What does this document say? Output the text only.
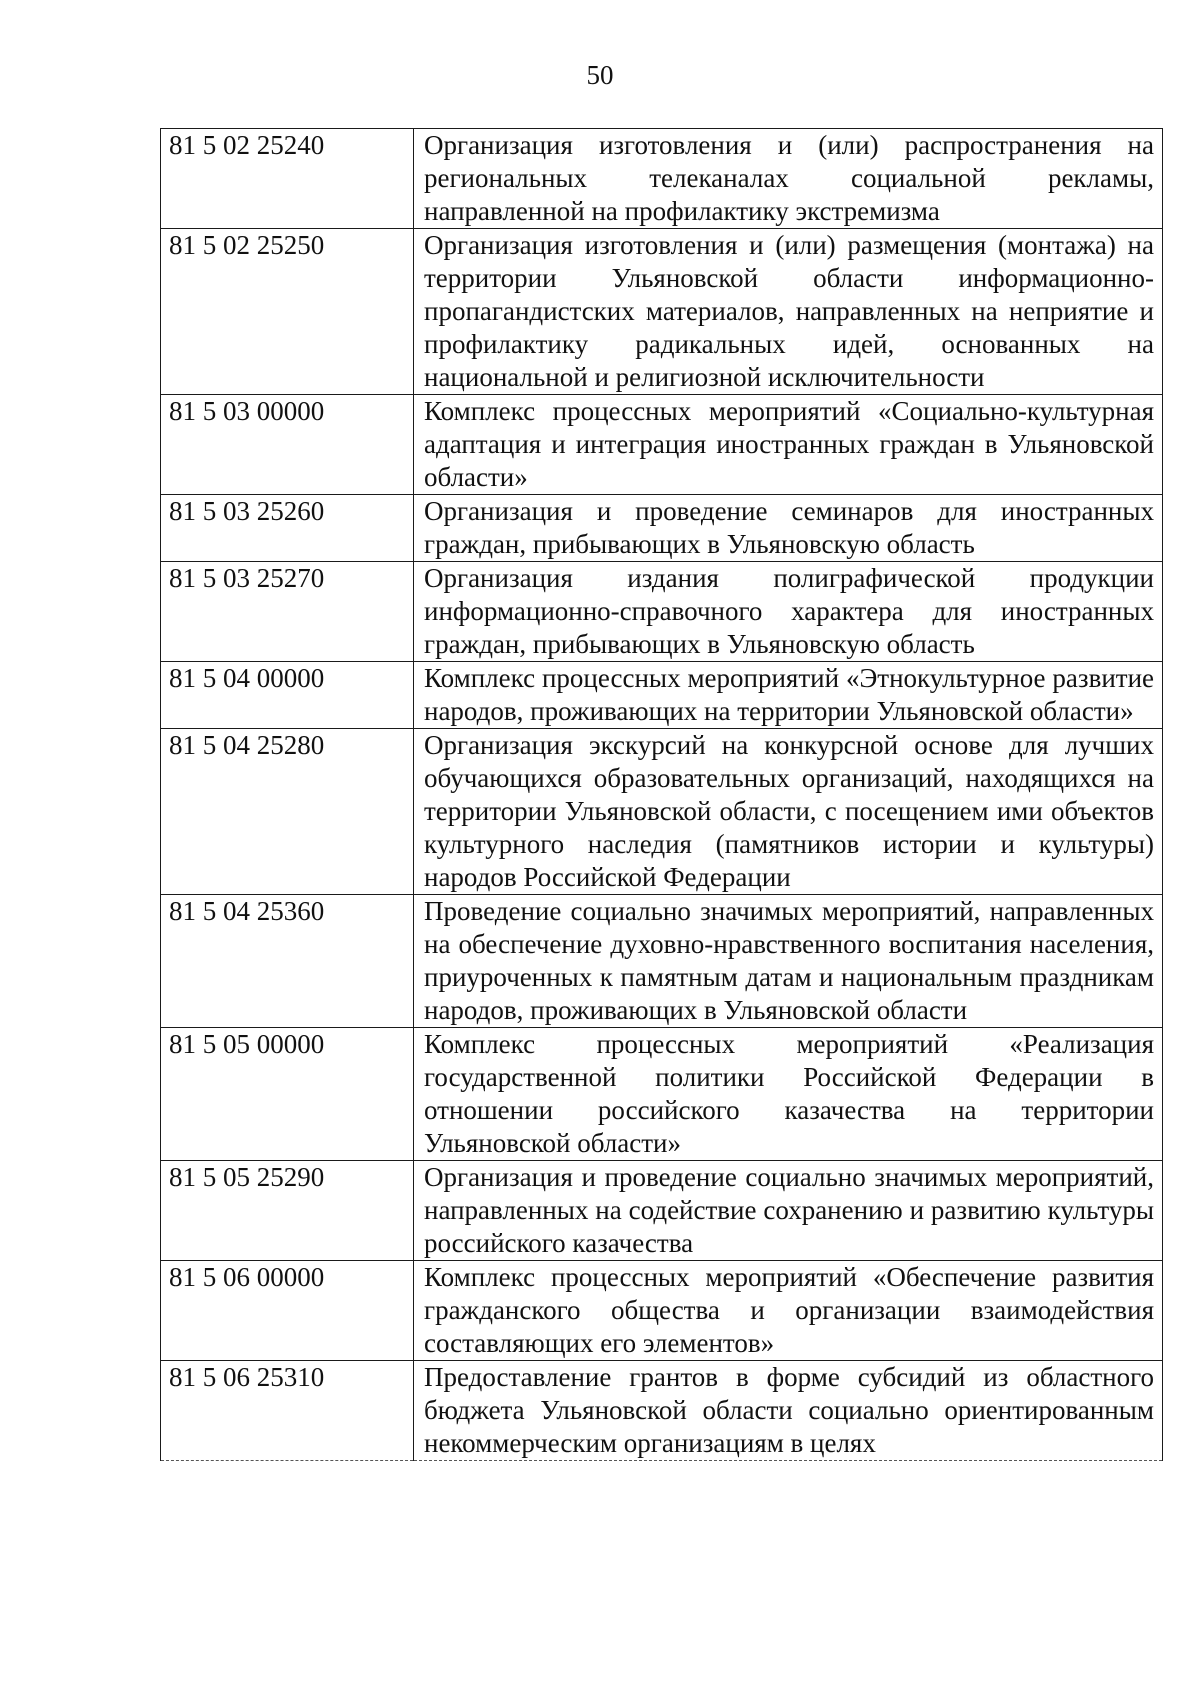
50
81 5 02 25240	Организация изготовления и (или) распространения на региональных телеканалах социальной рекламы, направленной на профилактику экстремизма
81 5 02 25250	Организация изготовления и (или) размещения (монтажа) на территории Ульяновской области информационно-пропагандистских материалов, направленных на неприятие и профилактику радикальных идей, основанных на национальной и религиозной исключительности
81 5 03 00000	Комплекс процессных мероприятий «Социально-культурная адаптация и интеграция иностранных граждан в Ульяновской области»
81 5 03 25260	Организация и проведение семинаров для иностранных граждан, прибывающих в Ульяновскую область
81 5 03 25270	Организация издания полиграфической продукции информационно-справочного характера для иностранных граждан, прибывающих в Ульяновскую область
81 5 04 00000	Комплекс процессных мероприятий «Этнокультурное развитие народов, проживающих на территории Ульяновской области»
81 5 04 25280	Организация экскурсий на конкурсной основе для лучших обучающихся образовательных организаций, находящихся на территории Ульяновской области, с посещением ими объектов культурного наследия (памятников истории и культуры) народов Российской Федерации
81 5 04 25360	Проведение социально значимых мероприятий, направленных на обеспечение духовно-нравственного воспитания населения, приуроченных к памятным датам и национальным праздникам народов, проживающих в Ульяновской области
81 5 05 00000	Комплекс процессных мероприятий «Реализация государственной политики Российской Федерации в отношении российского казачества на территории Ульяновской области»
81 5 05 25290	Организация и проведение социально значимых мероприятий, направленных на содействие сохранению и развитию культуры российского казачества
81 5 06 00000	Комплекс процессных мероприятий «Обеспечение развития гражданского общества и организации взаимодействия составляющих его элементов»
81 5 06 25310	Предоставление грантов в форме субсидий из областного бюджета Ульяновской области социально ориентированным некоммерческим организациям в целях
